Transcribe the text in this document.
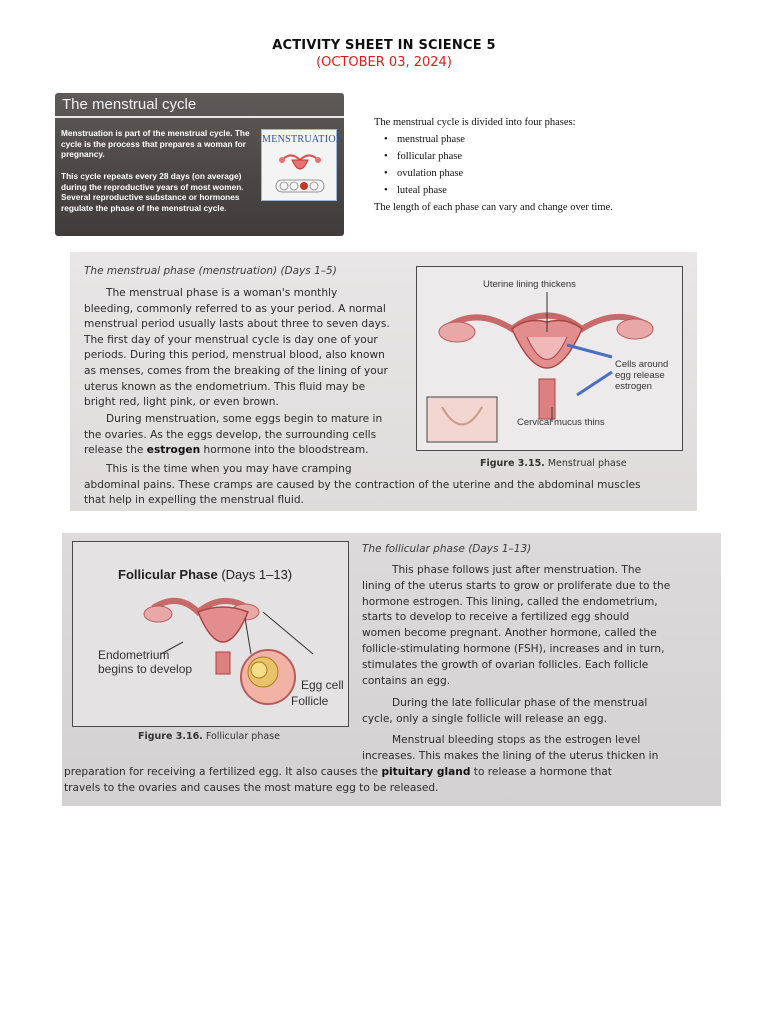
ACTIVITY SHEET IN SCIENCE 5
(OCTOBER 03, 2024)
The menstrual cycle
Menstruation is part of the menstrual cycle. The cycle is the process that prepares a woman for pregnancy.
This cycle repeats every 28 days (on average) during the reproductive years of most women. Several reproductive substance or hormones regulate the phase of the menstrual cycle.
MENSTRUATION
The menstrual cycle is divided into four phases:
• menstrual phase
• follicular phase
• ovulation phase
• luteal phase
The length of each phase can vary and change over time.
The menstrual phase (menstruation) (Days 1–5)
The menstrual phase is a woman's monthly
bleeding, commonly referred to as your period. A normal
menstrual period usually lasts about three to seven days.
The first day of your menstrual cycle is day one of your
periods. During this period, menstrual blood, also known
as menses, comes from the breaking of the lining of your
uterus known as the endometrium. This fluid may be
bright red, light pink, or even brown.
During menstruation, some eggs begin to mature in
the ovaries. As the eggs develop, the surrounding cells
release the estrogen hormone into the bloodstream.
This is the time when you may have cramping
abdominal pains. These cramps are caused by the contraction of the uterine and the abdominal muscles
that help in expelling the menstrual fluid.
Uterine lining thickens
Cells around
egg release
estrogen
Cervical mucus thins
Figure 3.15. Menstrual phase
Follicular Phase (Days 1–13)
Endometrium
begins to develop
Egg cell
Follicle
Figure 3.16. Follicular phase
The follicular phase (Days 1–13)
This phase follows just after menstruation. The
lining of the uterus starts to grow or proliferate due to the
hormone estrogen. This lining, called the endometrium,
starts to develop to receive a fertilized egg should
women become pregnant. Another hormone, called the
follicle-stimulating hormone (FSH), increases and in turn,
stimulates the growth of ovarian follicles. Each follicle
contains an egg.
During the late follicular phase of the menstrual
cycle, only a single follicle will release an egg.
Menstrual bleeding stops as the estrogen level
increases. This makes the lining of the uterus thicken in
preparation for receiving a fertilized egg. It also causes the pituitary gland to release a hormone that
travels to the ovaries and causes the most mature egg to be released.
